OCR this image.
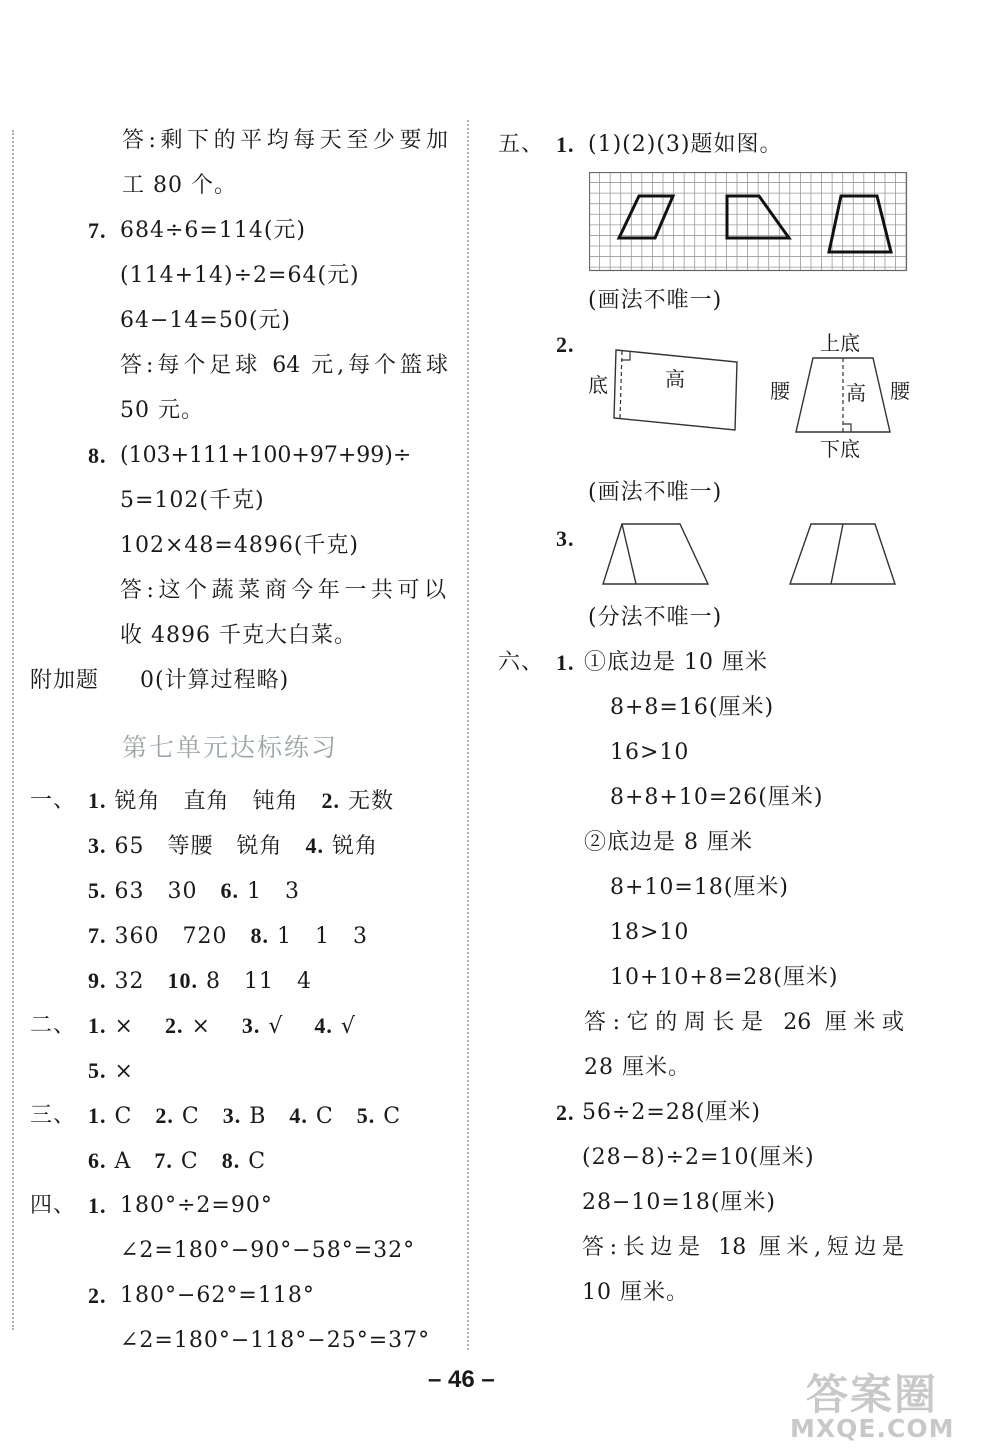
答:剩下的平均每天至少要加
工 80 个。
7. 684÷6=114(元)
(114+14)÷2=64(元)
64−14=50(元)
答:每个足球 64 元,每个篮球
50 元。
8. (103+111+100+97+99)÷
5=102(千克)
102×48=4896(千克)
答:这个蔬菜商今年一共可以
收 4896 千克大白菜。
附加题 0(计算过程略)
第七单元达标练习
一、 1. 锐角　直角　钝角　 2. 无数
3. 65　等腰　锐角　 4. 锐角
5. 63　30　 6. 1　3
7. 360　720　 8. 1　1　3
9. 32　 10. 8　11　4
二、 1. ×　 2. ×　 3. √　 4. √
5. ×
三、 1. C　 2. C　 3. B　 4. C　 5. C
6. A　 7. C　 8. C
四、 1. 180°÷2=90°
∠2=180°−90°−58°=32°
2. 180°−62°=118°
∠2=180°−118°−25°=37°
五、 1. (1)(2)(3)题如图。
(画法不唯一)
2.
底	高
上底
腰	高 腰
下底
(画法不唯一)
3.
(分法不唯一)
六、 1. ①底边是 10 厘米
8+8=16(厘米)
16>10
8+8+10=26(厘米)
②底边是 8 厘米
8+10=18(厘米)
18>10
10+10+8=28(厘米)
答:它的周长是 26 厘米或
28 厘米。
2. 56÷2=28(厘米)
(28−8)÷2=10(厘米)
28−10=18(厘米)
答:长边是 18 厘米,短边是
10 厘米。
– 46 –	答案圈
MXQE.COM
